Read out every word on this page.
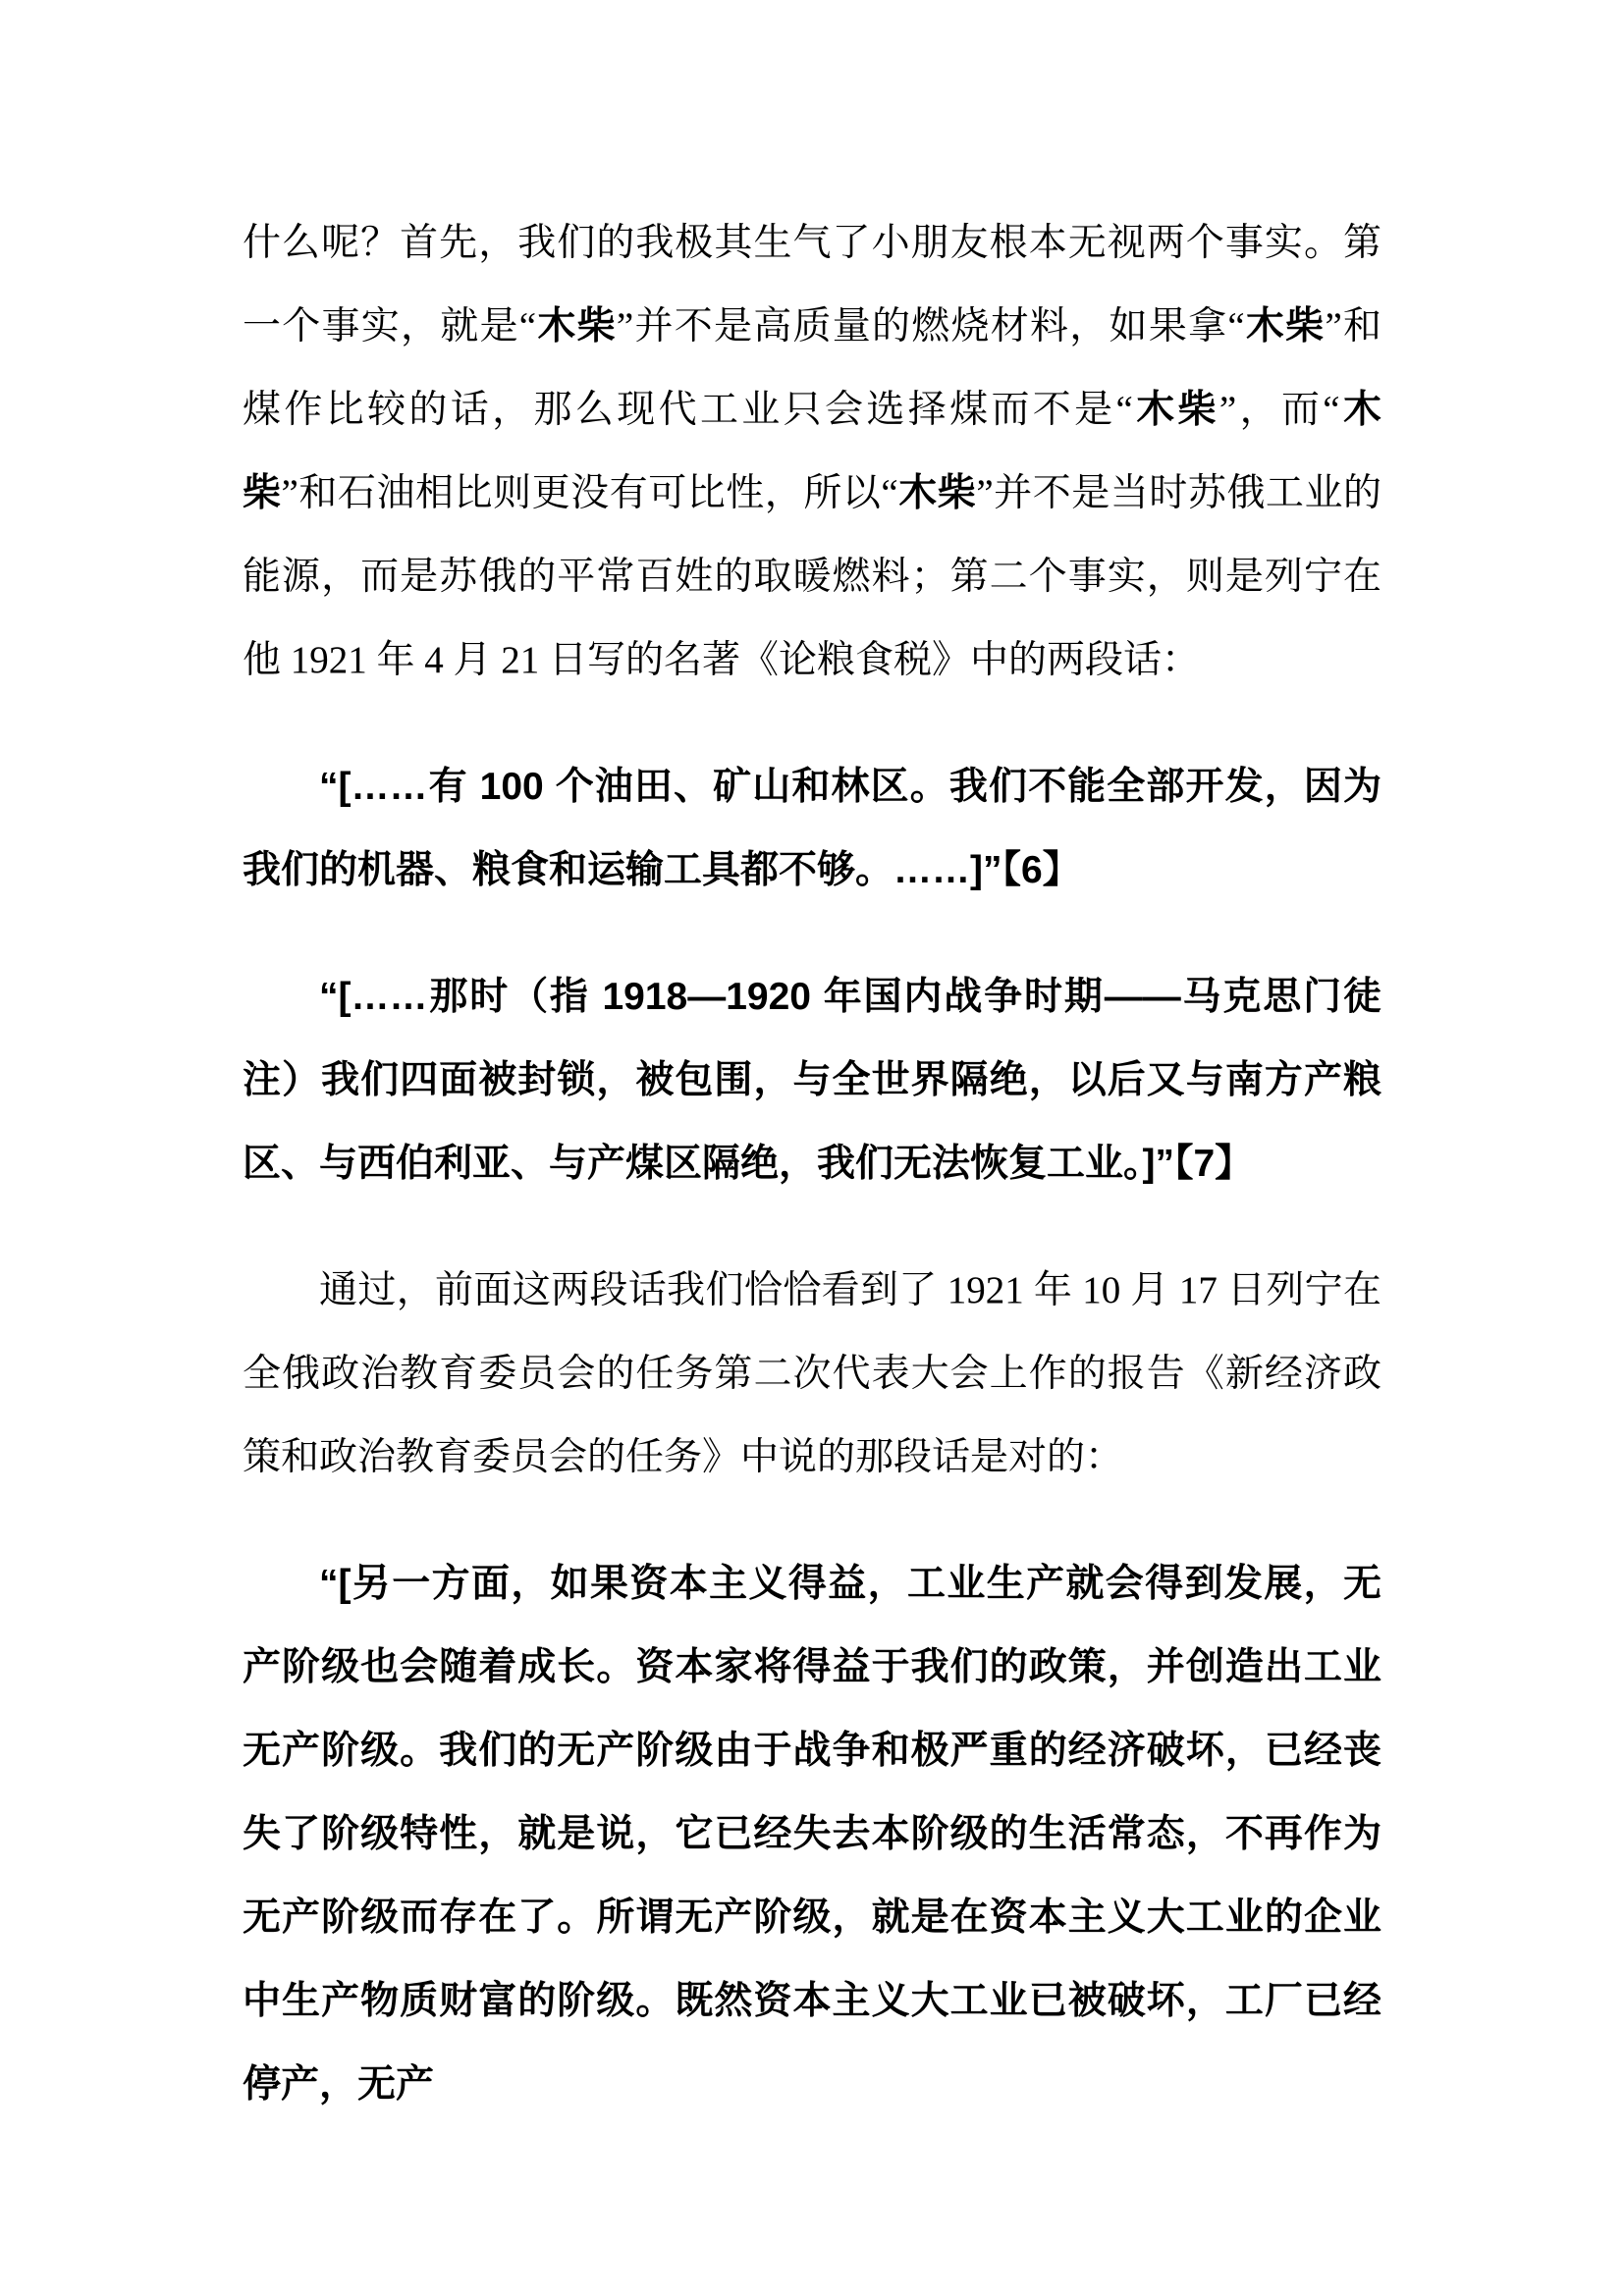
什么呢？首先，我们的我极其生气了小朋友根本无视两个事实。第一个事实，就是“木柴”并不是高质量的燃烧材料，如果拿“木柴”和煤作比较的话，那么现代工业只会选择煤而不是“木柴”，而“木柴”和石油相比则更没有可比性，所以“木柴”并不是当时苏俄工业的能源，而是苏俄的平常百姓的取暖燃料；第二个事实，则是列宁在他 1921 年 4 月 21 日写的名著《论粮食税》中的两段话：

“[……有 100 个油田、矿山和林区。我们不能全部开发，因为我们的机器、粮食和运输工具都不够。……]”【6】

“[……那时（指 1918—1920 年国内战争时期——马克思门徒注）我们四面被封锁，被包围，与全世界隔绝，以后又与南方产粮区、与西伯利亚、与产煤区隔绝，我们无法恢复工业。]”【7】

通过，前面这两段话我们恰恰看到了 1921 年 10 月 17 日列宁在全俄政治教育委员会的任务第二次代表大会上作的报告《新经济政策和政治教育委员会的任务》中说的那段话是对的：

“[另一方面，如果资本主义得益，工业生产就会得到发展，无产阶级也会随着成长。资本家将得益于我们的政策，并创造出工业无产阶级。我们的无产阶级由于战争和极严重的经济破坏，已经丧失了阶级特性，就是说，它已经失去本阶级的生活常态，不再作为无产阶级而存在了。所谓无产阶级，就是在资本主义大工业的企业中生产物质财富的阶级。既然资本主义大工业已被破坏，工厂已经停产，无产
